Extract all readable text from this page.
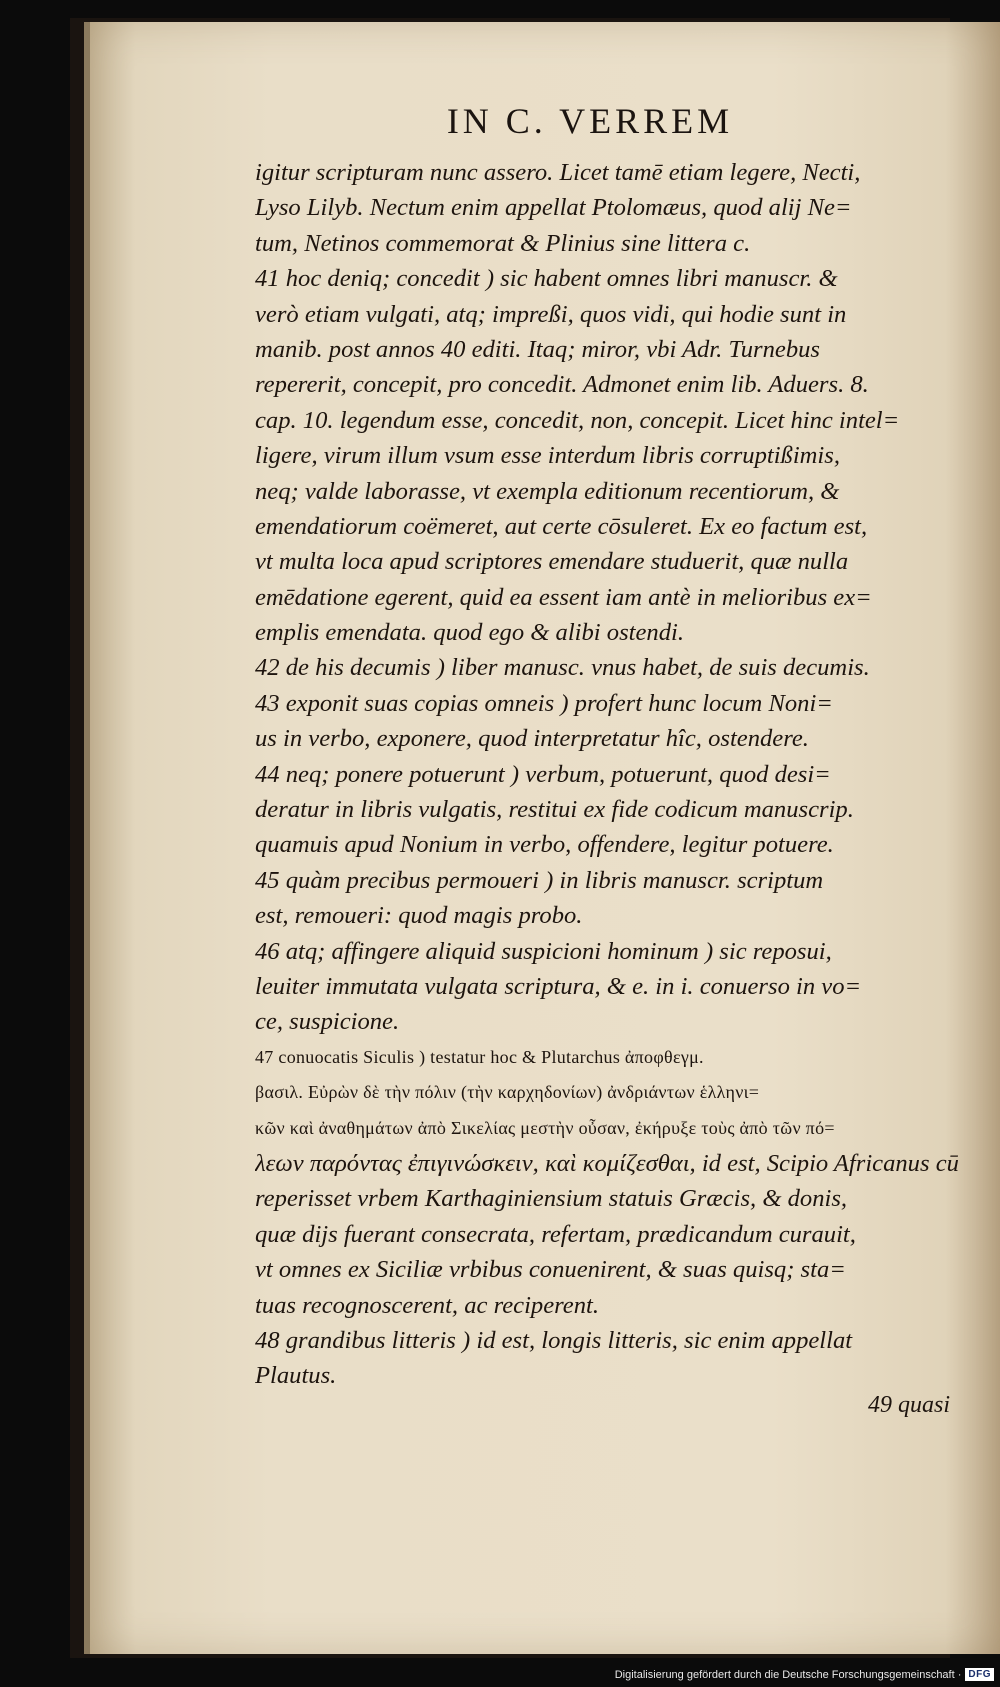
IN C. VERREM
igitur scripturam nunc assero. Licet tamē etiam legere, Necti,
Lyso Lilyb. Nectum enim appellat Ptolomæus, quod alij Ne=
tum, Netinos commemorat & Plinius sine littera c.
41 hoc deniq; concedit ) sic habent omnes libri manuscr. &
verò etiam vulgati, atq; impreßi, quos vidi, qui hodie sunt in
manib. post annos 40 editi. Itaq; miror, vbi Adr. Turnebus
repererit, concepit, pro concedit. Admonet enim lib. Aduers. 8.
cap. 10. legendum esse, concedit, non, concepit. Licet hinc intel=
ligere, virum illum vsum esse interdum libris corruptißimis,
neq; valde laborasse, vt exempla editionum recentiorum, &
emendatiorum coëmeret, aut certe cōsuleret. Ex eo factum est,
vt multa loca apud scriptores emendare studuerit, quæ nulla
emēdatione egerent, quid ea essent iam antè in melioribus ex=
emplis emendata. quod ego & alibi ostendi.
42 de his decumis ) liber manusc. vnus habet, de suis decumis.
43 exponit suas copias omneis ) profert hunc locum Noni=
us in verbo, exponere, quod interpretatur hîc, ostendere.
44 neq; ponere potuerunt ) verbum, potuerunt, quod desi=
deratur in libris vulgatis, restitui ex fide codicum manuscrip.
quamuis apud Nonium in verbo, offendere, legitur potuere.
45 quàm precibus permoueri ) in libris manuscr. scriptum
est, remoueri: quod magis probo.
46 atq; affingere aliquid suspicioni hominum ) sic reposui,
leuiter immutata vulgata scriptura, & e. in i. conuerso in vo=
ce, suspicione.
47 conuocatis Siculis ) testatur hoc & Plutarchus ἀποφθεγμ.
βασιλ. Εὐρὼν δὲ τὴν πόλιν (τὴν καρχηδονίων) ἀνδριάντων ἑλληνι=
κῶν καὶ ἀναθημάτων ἀπὸ Σικελίας μεστὴν οὖσαν, ἐκήρυξε τοὺς ἀπὸ τῶν πό=
λεων παρόντας ἐπιγινώσκειν, καὶ κομίζεσθαι, id est, Scipio Africanus cū
reperisset vrbem Karthaginiensium statuis Græcis, & donis,
quæ dijs fuerant consecrata, refertam, prædicandum curauit,
vt omnes ex Siciliæ vrbibus conuenirent, & suas quisq; sta=
tuas recognoscerent, ac reciperent.
48 grandibus litteris ) id est, longis litteris, sic enim appellat
Plautus.
49 quasi
Digitalisierung gefördert durch die Deutsche Forschungsgemeinschaft · DFG
